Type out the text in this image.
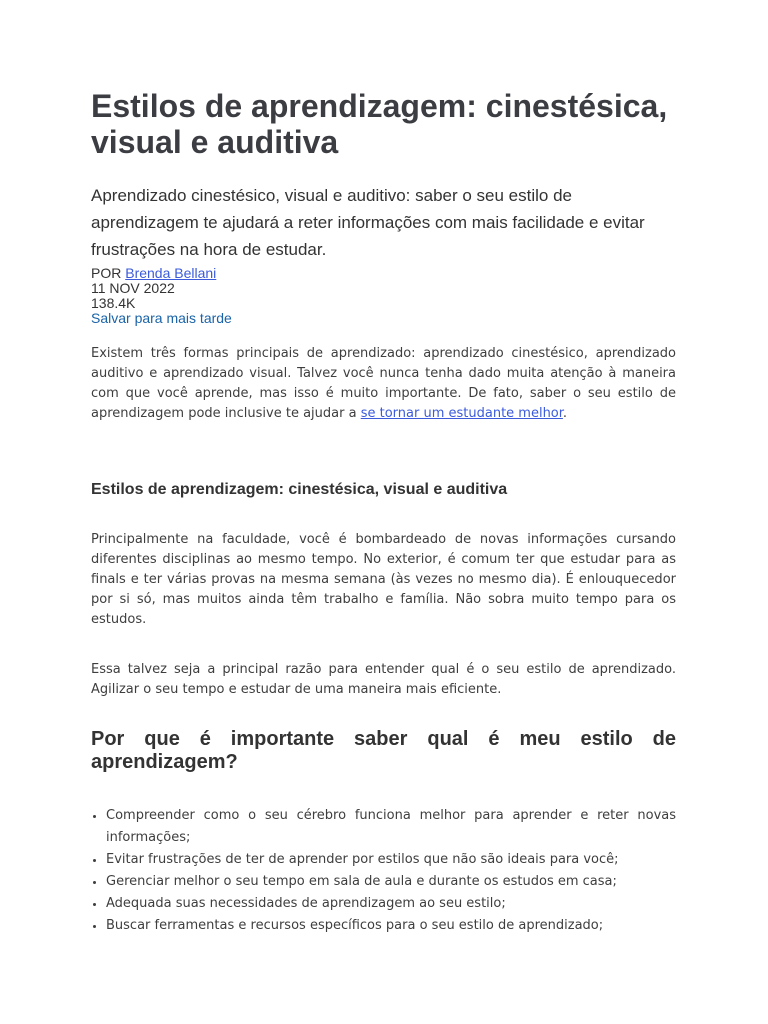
Estilos de aprendizagem: cinestésica, visual e auditiva

Aprendizado cinestésico, visual e auditivo: saber o seu estilo de aprendizagem te ajudará a reter informações com mais facilidade e evitar frustrações na hora de estudar.

POR Brenda Bellani
11 NOV 2022
138.4K
Salvar para mais tarde

Existem três formas principais de aprendizado: aprendizado cinestésico, aprendizado auditivo e aprendizado visual. Talvez você nunca tenha dado muita atenção à maneira com que você aprende, mas isso é muito importante. De fato, saber o seu estilo de aprendizagem pode inclusive te ajudar a se tornar um estudante melhor.

Estilos de aprendizagem: cinestésica, visual e auditiva

Principalmente na faculdade, você é bombardeado de novas informações cursando diferentes disciplinas ao mesmo tempo. No exterior, é comum ter que estudar para as finals e ter várias provas na mesma semana (às vezes no mesmo dia). É enlouquecedor por si só, mas muitos ainda têm trabalho e família. Não sobra muito tempo para os estudos.

Essa talvez seja a principal razão para entender qual é o seu estilo de aprendizado. Agilizar o seu tempo e estudar de uma maneira mais eficiente.

Por que é importante saber qual é meu estilo de aprendizagem?
• Compreender como o seu cérebro funciona melhor para aprender e reter novas informações;
• Evitar frustrações de ter de aprender por estilos que não são ideais para você;
• Gerenciar melhor o seu tempo em sala de aula e durante os estudos em casa;
• Adequada suas necessidades de aprendizagem ao seu estilo;
• Buscar ferramentas e recursos específicos para o seu estilo de aprendizado;
